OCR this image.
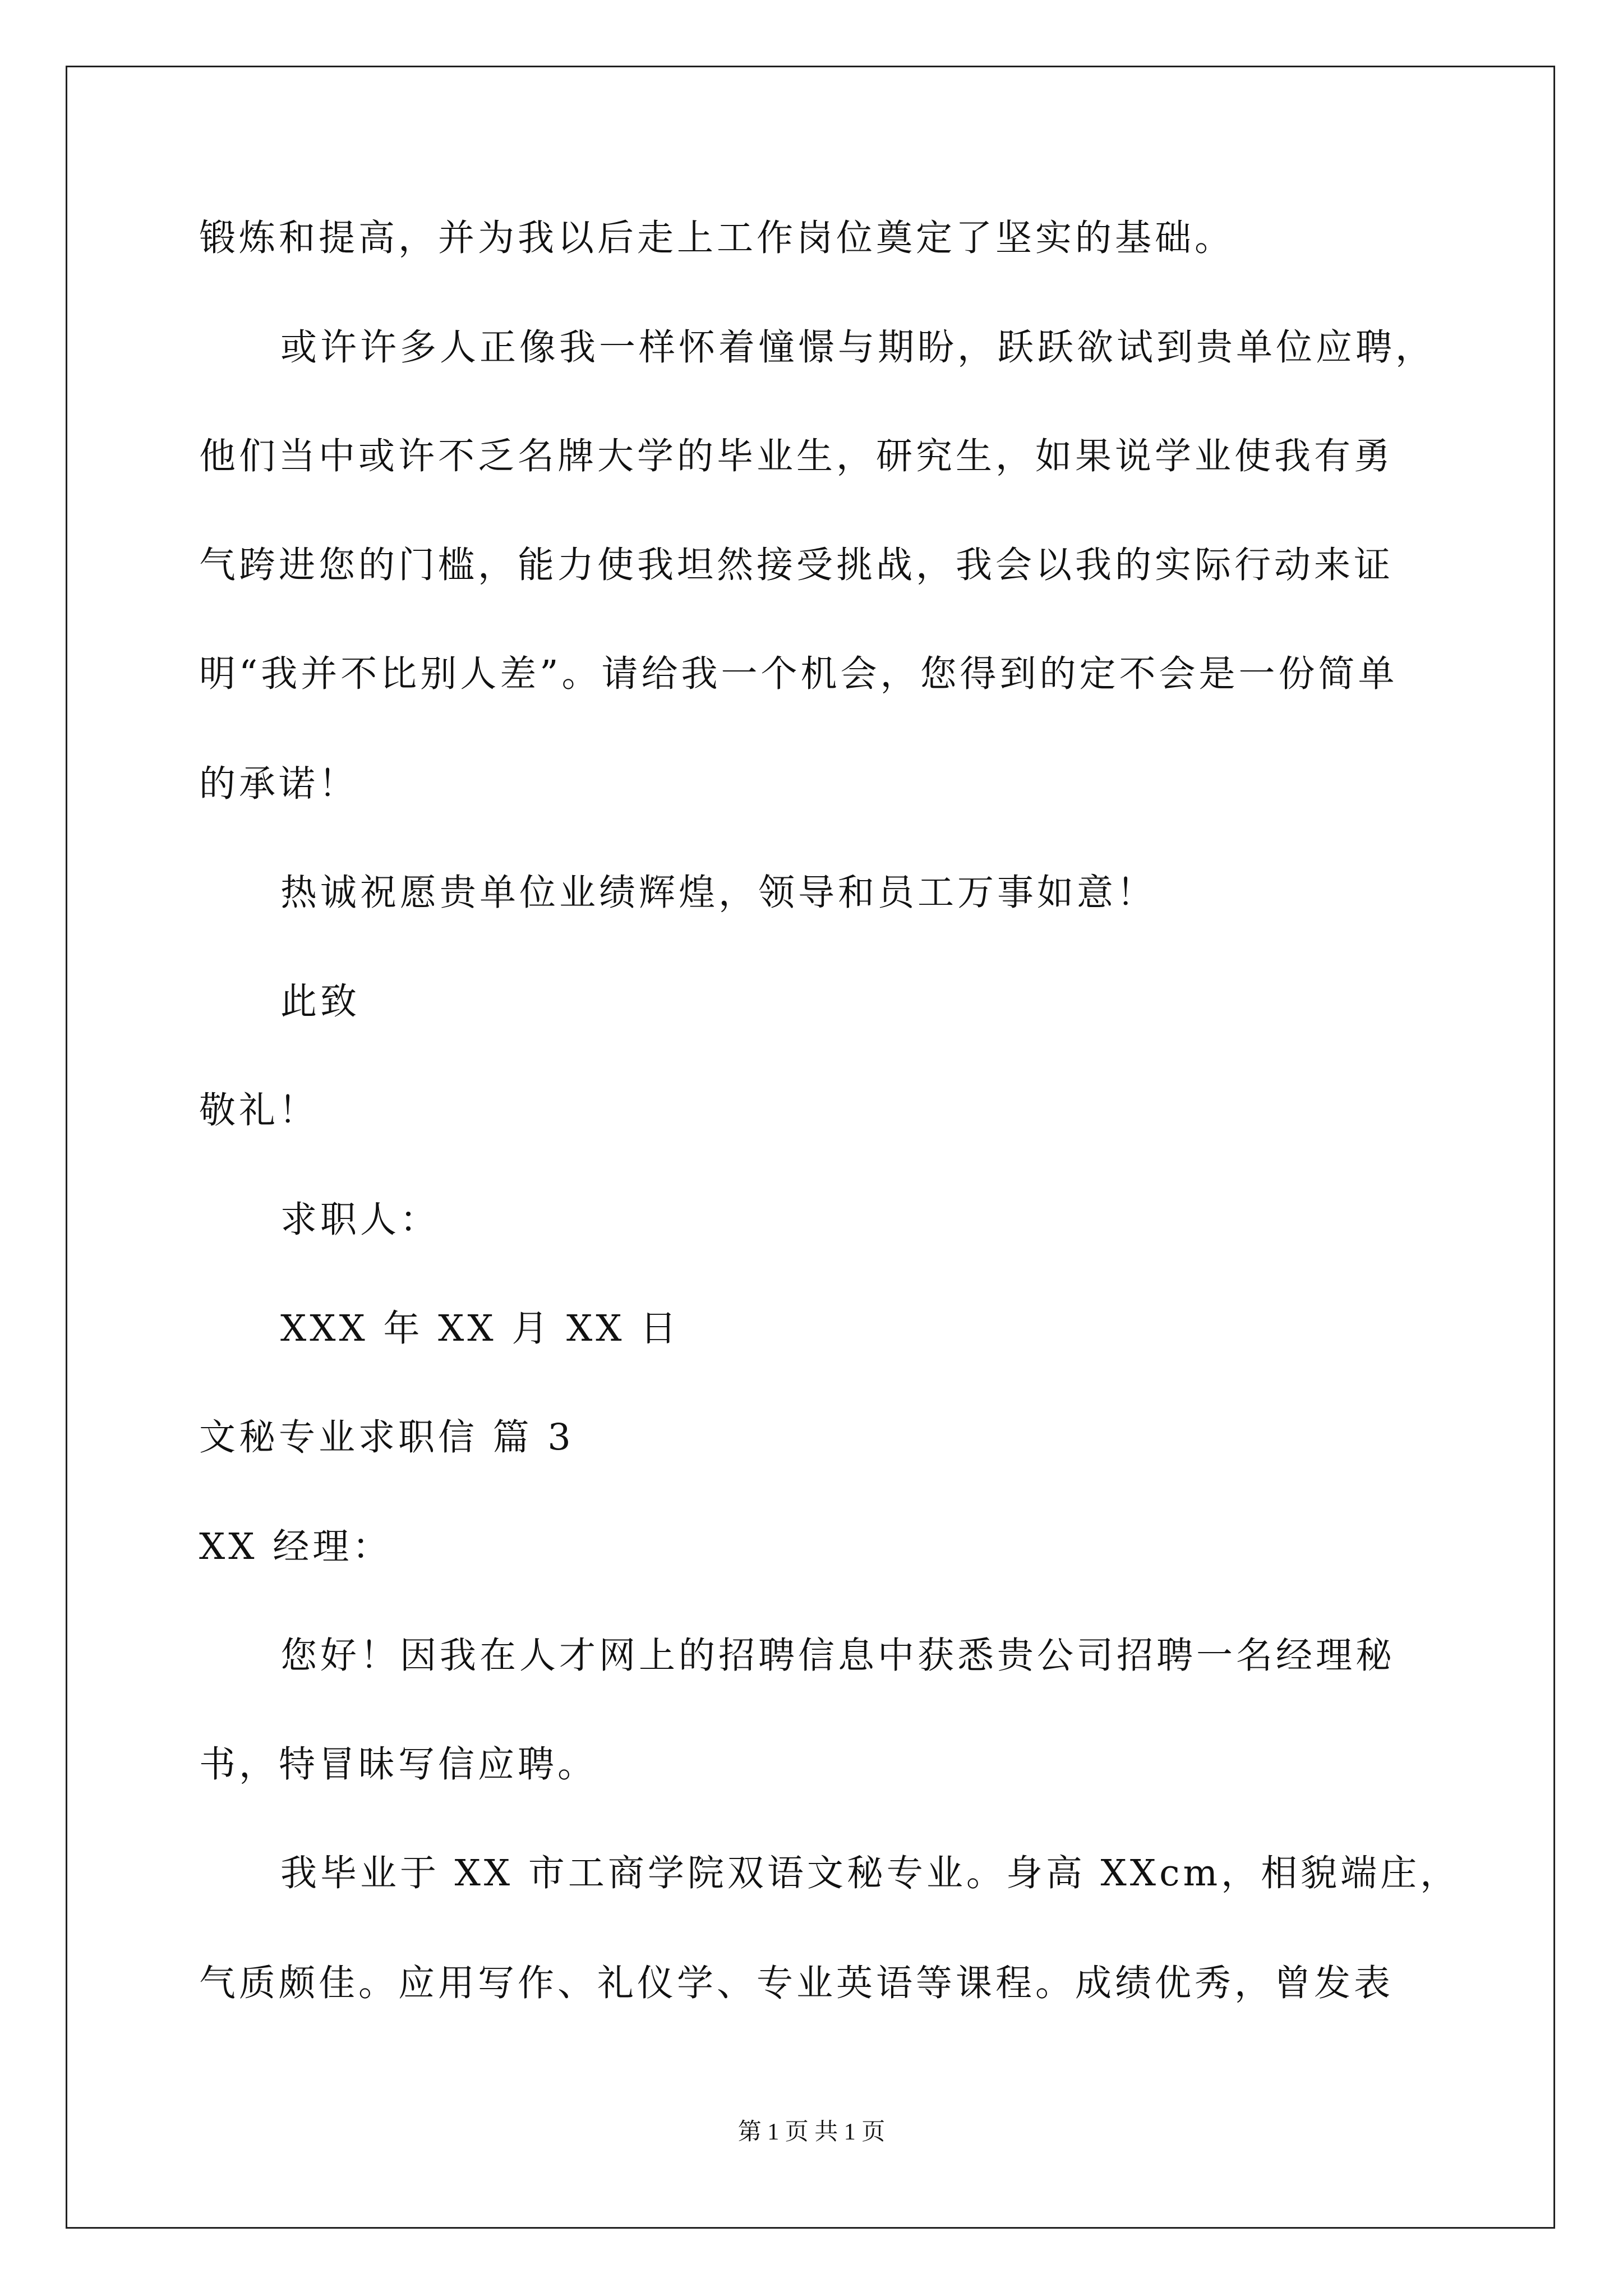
锻炼和提高，并为我以后走上工作岗位奠定了坚实的基础。
或许许多人正像我一样怀着憧憬与期盼，跃跃欲试到贵单位应聘，
他们当中或许不乏名牌大学的毕业生，研究生，如果说学业使我有勇
气跨进您的门槛，能力使我坦然接受挑战，我会以我的实际行动来证
明“我并不比别人差”。请给我一个机会，您得到的定不会是一份简单
的承诺！
热诚祝愿贵单位业绩辉煌，领导和员工万事如意！
此致
敬礼！
求职人：
XXX 年 XX 月 XX 日
文秘专业求职信 篇 3
XX 经理：
您好！因我在人才网上的招聘信息中获悉贵公司招聘一名经理秘
书，特冒昧写信应聘。
我毕业于 XX 市工商学院双语文秘专业。身高 XXcm，相貌端庄，
气质颇佳。应用写作、礼仪学、专业英语等课程。成绩优秀，曾发表
第 1 页 共 1 页
